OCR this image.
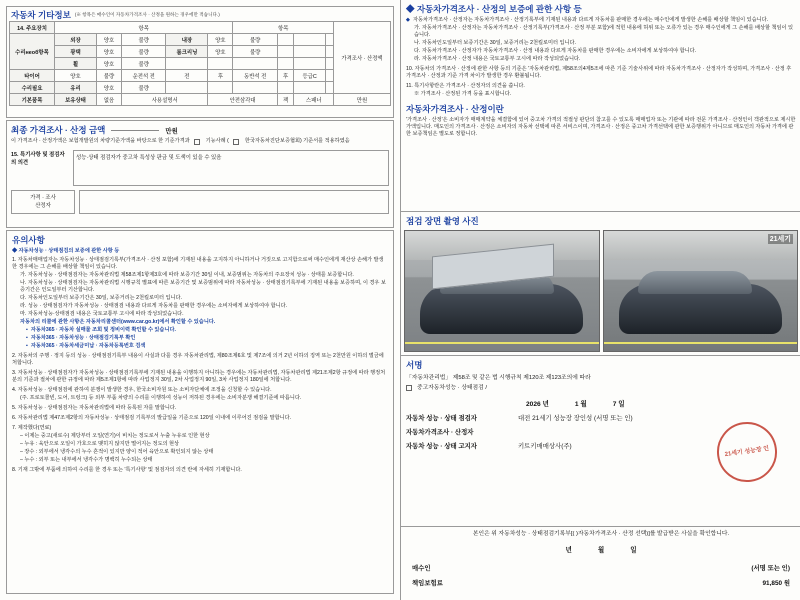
자동차 기타정보 (※ 항목은 매수인이 자동차가격조사 · 산정을 원하는 경우에만 적습니다.)
14. 주요장치	항목					항목				가격조사 · 산정액
수리необ항목	외장	양호	불량	내장	양호	불량				
	광택	양호	불량	룸크리닝	양호	불량				
	휠	양호	불량							
타이어	양호	불량	운전석 전	전	후	동반석 전	후	등급C		
수리필요	유리	양호	불량							
기본품목	보유상태	없음	사용설명서		안전삼각대		잭	스패너		만원
최종 가격조사 · 산정 금액	만원
이 가격조사 · 산정가액은 보험개발원의 차량기준가액을 바탕으로 한 기준가격과	기능사례 (	한국자동차진단보증협회) 기준서를 적용하였음
15. 특기사항 및 점검자의 의견
성능·상태 점검자가 중고차 특성상 판금 및 도색이 있을 수 있음
가격 · 조사
산정자
유의사항
◆ 자동차성능 · 상태점검의 보증에 관한 사항 등
1. 자동차매매업자는 자동차성능 · 상태점검기록부(가격조사 · 산정 포함)에 기재된 내용을 고지하지 아니하거나 거짓으로 고지함으로써 매수인에게 재산상 손해가 발생한 경우에는 그 손해를 배상할 책임이 있습니다.
가. 자동차성능 · 상태점검자는 자동차관리법 제58조제1항제3호에 따라 보증기간 30일 이내, 보증범위는 자동차의 주요장치 성능 · 상태를 보증합니다.
나. 자동차성능 · 상태점검자는 자동차관리법 시행규칙 별표에 따른 보증기간 및 보증범위에 따라 자동차성능 · 상태점검기록부에 기재된 내용을 보증하며, 이 경우 보증기간은 인도일부터 기산합니다.
다. 자동차인도일부터 보증기간은 30일, 보증거리는 2천킬로미터 입니다.
라. 성능 · 상태점검자가 자동차성능 · 상태점검 내용과 다르게 자동차를 판매한 경우에는 소비자에게 보상하여야 합니다.
마. 자동차성능·상태점검 내용은 국토교통부 고시에 따라 작성되었습니다.
자동차의 리콜에 관한 사항은 자동차리콜센터(www.car.go.kr)에서 확인할 수 있습니다.
▪ 자동차365 · 자동차 실매물 조회 및 정비이력 확인할 수 있습니다.
▪ 자동차365 · 자동차성능 · 상태점검기록부 확인
▪ 자동차365 · 자동차세금미납 · 자동차등록번호 검색
2. 자동차의 주행 · 정지 등의 성능 · 상태점검기록부 내용이 사실과 다를 경우 자동차관리법, 제80조제6호 및 제7조에 의거 2년 이하의 징역 또는 2천만원 이하의 벌금에 처합니다.
3. 자동차성능 · 상태점검자가 자동차성능 · 상태점검기록부에 기재된 내용을 이행하지 아니하는 경우에는 자동차관리법, 자동차관리법 제21조제2항 규정에 따라 행정처분의 기준과 절차에 관한 규정에 따라 제5조제1항에 따라 사업정지 30일, 2차 사업정지 90일, 3차 사업정지 180일에 처합니다.
4. 자동차성능 · 상태점검에 관하여 분쟁이 발생한 경우, 한국소비자원 또는 소비자단체에 조정을 신청할 수 있습니다.
(주. 프로토콜빈, 도어, 트렁크) 등 외부 부품 차량의 수리를 이행하여 성능이 저하된 경우에는 소비자분쟁 해결기준에 따릅니다.
5. 자동차성능 · 상태점검자는 자동차관리법에 따라 등록된 자를 말합니다.
6. 자동차관리법 제47조제2항의 자동차성능 · 상태점검 기록부의 발급일을 기준으로 120일 이내에 이루어진 점검을 말합니다.
7. 제작했다(연료)
– 이제는 중고(새로수) 제당부터 오일(연기)이 비치는 정도로서 누출 누유로 인한 현상
– 누유 : 육안으로 오일이 가호으로 맺히지 않지만 떨어지는 정도의 현상
– 장수 : 외부에서 냉각수의 누수 흔적이 있지만 양이 적어 육안으로 확인되지 않는 상태
– 누수 : 외부 또는 내부에서 냉각수가 명백히 누수되는 상태
8. 기재 그밖에 부품에 의하여 수리를 한 경우 또는 '특기사항' 및 점검자의 의견 란에 자세히 기재합니다.
◆ 자동차가격조사 · 산정의 보증에 관한 사항 등
◆ 자동차가격조사 · 산정자는 자동차가격조사 · 산정기록부에 기재된 내용과 다르게 자동차를 판매한 경우에는 매수인에게 발생한 손해를 배상할 책임이 있습니다.
가. 자동차가격조사 · 산정자는 자동차가격조사 · 산정기록부(가격조사 · 산정 부분 포함)에 적힌 내용에 허위 또는 오류가 있는 경우 매수인에게 그 손해를 배상할 책임이 있습니다.
나. 자동차인도일부터 보증기간은 30일, 보증거리는 2천킬로미터 입니다.
다. 자동차가격조사 · 산정자가 자동차가격조사 · 산정 내용과 다르게 자동차를 판매한 경우에는 소비자에게 보상하여야 합니다.
라. 자동차가격조사 · 산정 내용은 국토교통부 고시에 따라 작성되었습니다.
10. 자동차의 가격조사 · 산정에 관한 사항 등의 기준은 '자동차관리법, 제58조의4제5조에 따른 기준 기술사위에 따라 자동차가격조사 · 산정자가 작성하며, 가격조사 · 산정 후 가격조사 · 산정과 기준 가격 차이가 발생한 경우 환불됩니다.
11. 특기사항란은 가격조사 · 산정자의 의견을 씁니다.
※ 가격조사 · 산정된 가격 등을 표시합니다.
자동차가격조사 · 산정이란
'가격조사 · 산정'은 소비자가 매매계약을 체결함에 있어 중고차 가격의 적절성 판단의 참고를 수 있도록 매매업자 또는 기관에 따라 전문 가격조사 · 산정인이 객관적으로 제시한 가액입니다. 매도인의 가격조사 · 산정은 소비자의 자동차 선택에 따른 서비스이며, 가격조사 · 산정은 중고차 가격선택에 관한 보증행위가 아니므로 매도인의 자동차 가격에 관한 보증책임은 별도로 정합니다.
점검 장면 촬영 사진
21세기
서명
「자동차관리법」 제58조 및 같은 법 시행규칙 제120조 제123조의에 따라
중고자동차성능 · 상태점검 /
2026 년	1 월	7 일
21세기 성능장 인
자동차 성능 · 상태 점검자	대전 21세기 성능장 장인성 (서명 또는 인)
자동차가격조사 · 산정자
자동차 성능 · 상태 고지자	키트키매매상사(주)
본인은 위 자동차성능 · 상태점검기록부[( )자동차가격조사 · 산정 선택)]를 발급받은 사실을 확인합니다.
년	월	일
매수인	(서명 또는 인)
책임보험료	91,850 원
